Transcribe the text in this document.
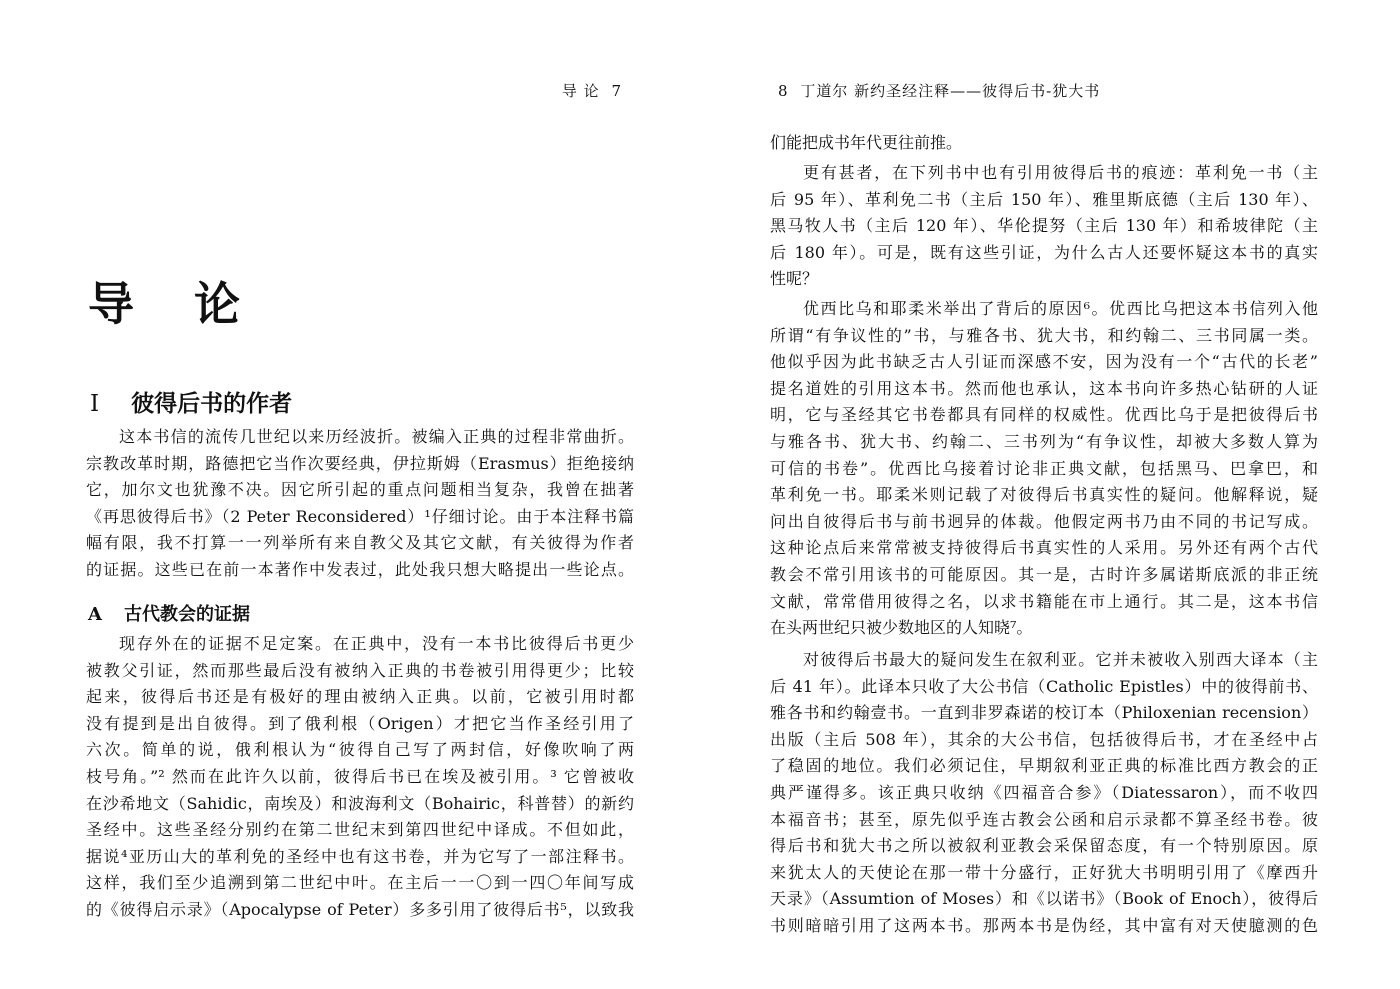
导 论 7
导 论
I 彼得后书的作者
这本书信的流传几世纪以来历经波折。被编入正典的过程非常曲折。
宗教改革时期，路德把它当作次要经典，伊拉斯姆（Erasmus）拒绝接纳
它，加尔文也犹豫不决。因它所引起的重点问题相当复杂，我曾在拙著
《再思彼得后书》（2 Peter Reconsidered）¹仔细讨论。由于本注释书篇
幅有限，我不打算一一列举所有来自教父及其它文献，有关彼得为作者
的证据。这些已在前一本著作中发表过，此处我只想大略提出一些论点。
A 古代教会的证据
现存外在的证据不足定案。在正典中，没有一本书比彼得后书更少
被教父引证，然而那些最后没有被纳入正典的书卷被引用得更少；比较
起来，彼得后书还是有极好的理由被纳入正典。以前，它被引用时都
没有提到是出自彼得。到了俄利根（Origen）才把它当作圣经引用了
六次。简单的说，俄利根认为“彼得自己写了两封信，好像吹响了两
枝号角。”² 然而在此许久以前，彼得后书已在埃及被引用。³ 它曾被收
在沙希地文（Sahidic，南埃及）和波海利文（Bohairic，科普替）的新约
圣经中。这些圣经分别约在第二世纪末到第四世纪中译成。不但如此，
据说⁴亚历山大的革利免的圣经中也有这书卷，并为它写了一部注释书。
这样，我们至少追溯到第二世纪中叶。在主后一一〇到一四〇年间写成
的《彼得启示录》（Apocalypse of Peter）多多引用了彼得后书⁵，以致我
8 丁道尔 新约圣经注释——彼得后书-犹大书
们能把成书年代更往前推。
更有甚者，在下列书中也有引用彼得后书的痕迹：革利免一书（主
后 95 年）、革利免二书（主后 150 年）、雅里斯底德（主后 130 年）、
黑马牧人书（主后 120 年）、华伦提努（主后 130 年）和希坡律陀（主
后 180 年）。可是，既有这些引证，为什么古人还要怀疑这本书的真实
性呢？
优西比乌和耶柔米举出了背后的原因⁶。优西比乌把这本书信列入他
所谓“有争议性的”书，与雅各书、犹大书，和约翰二、三书同属一类。
他似乎因为此书缺乏古人引证而深感不安，因为没有一个“古代的长老”
提名道姓的引用这本书。然而他也承认，这本书向许多热心钻研的人证
明，它与圣经其它书卷都具有同样的权威性。优西比乌于是把彼得后书
与雅各书、犹大书、约翰二、三书列为“有争议性，却被大多数人算为
可信的书卷”。优西比乌接着讨论非正典文献，包括黑马、巴拿巴，和
革利免一书。耶柔米则记载了对彼得后书真实性的疑问。他解释说，疑
问出自彼得后书与前书迥异的体裁。他假定两书乃由不同的书记写成。
这种论点后来常常被支持彼得后书真实性的人采用。另外还有两个古代
教会不常引用该书的可能原因。其一是，古时许多属诺斯底派的非正统
文献，常常借用彼得之名，以求书籍能在市上通行。其二是，这本书信
在头两世纪只被少数地区的人知晓⁷。
对彼得后书最大的疑问发生在叙利亚。它并未被收入别西大译本（主
后 41 年）。此译本只收了大公书信（Catholic Epistles）中的彼得前书、
雅各书和约翰壹书。一直到非罗森诺的校订本（Philoxenian recension）
出版（主后 508 年），其余的大公书信，包括彼得后书，才在圣经中占
了稳固的地位。我们必须记住，早期叙利亚正典的标准比西方教会的正
典严谨得多。该正典只收纳《四福音合参》（Diatessaron），而不收四
本福音书；甚至，原先似乎连古教会公函和启示录都不算圣经书卷。彼
得后书和犹大书之所以被叙利亚教会采保留态度，有一个特别原因。原
来犹太人的天使论在那一带十分盛行，正好犹大书明明引用了《摩西升
天录》（Assumtion of Moses）和《以诺书》（Book of Enoch），彼得后
书则暗暗引用了这两本书。那两本书是伪经，其中富有对天使臆测的色
